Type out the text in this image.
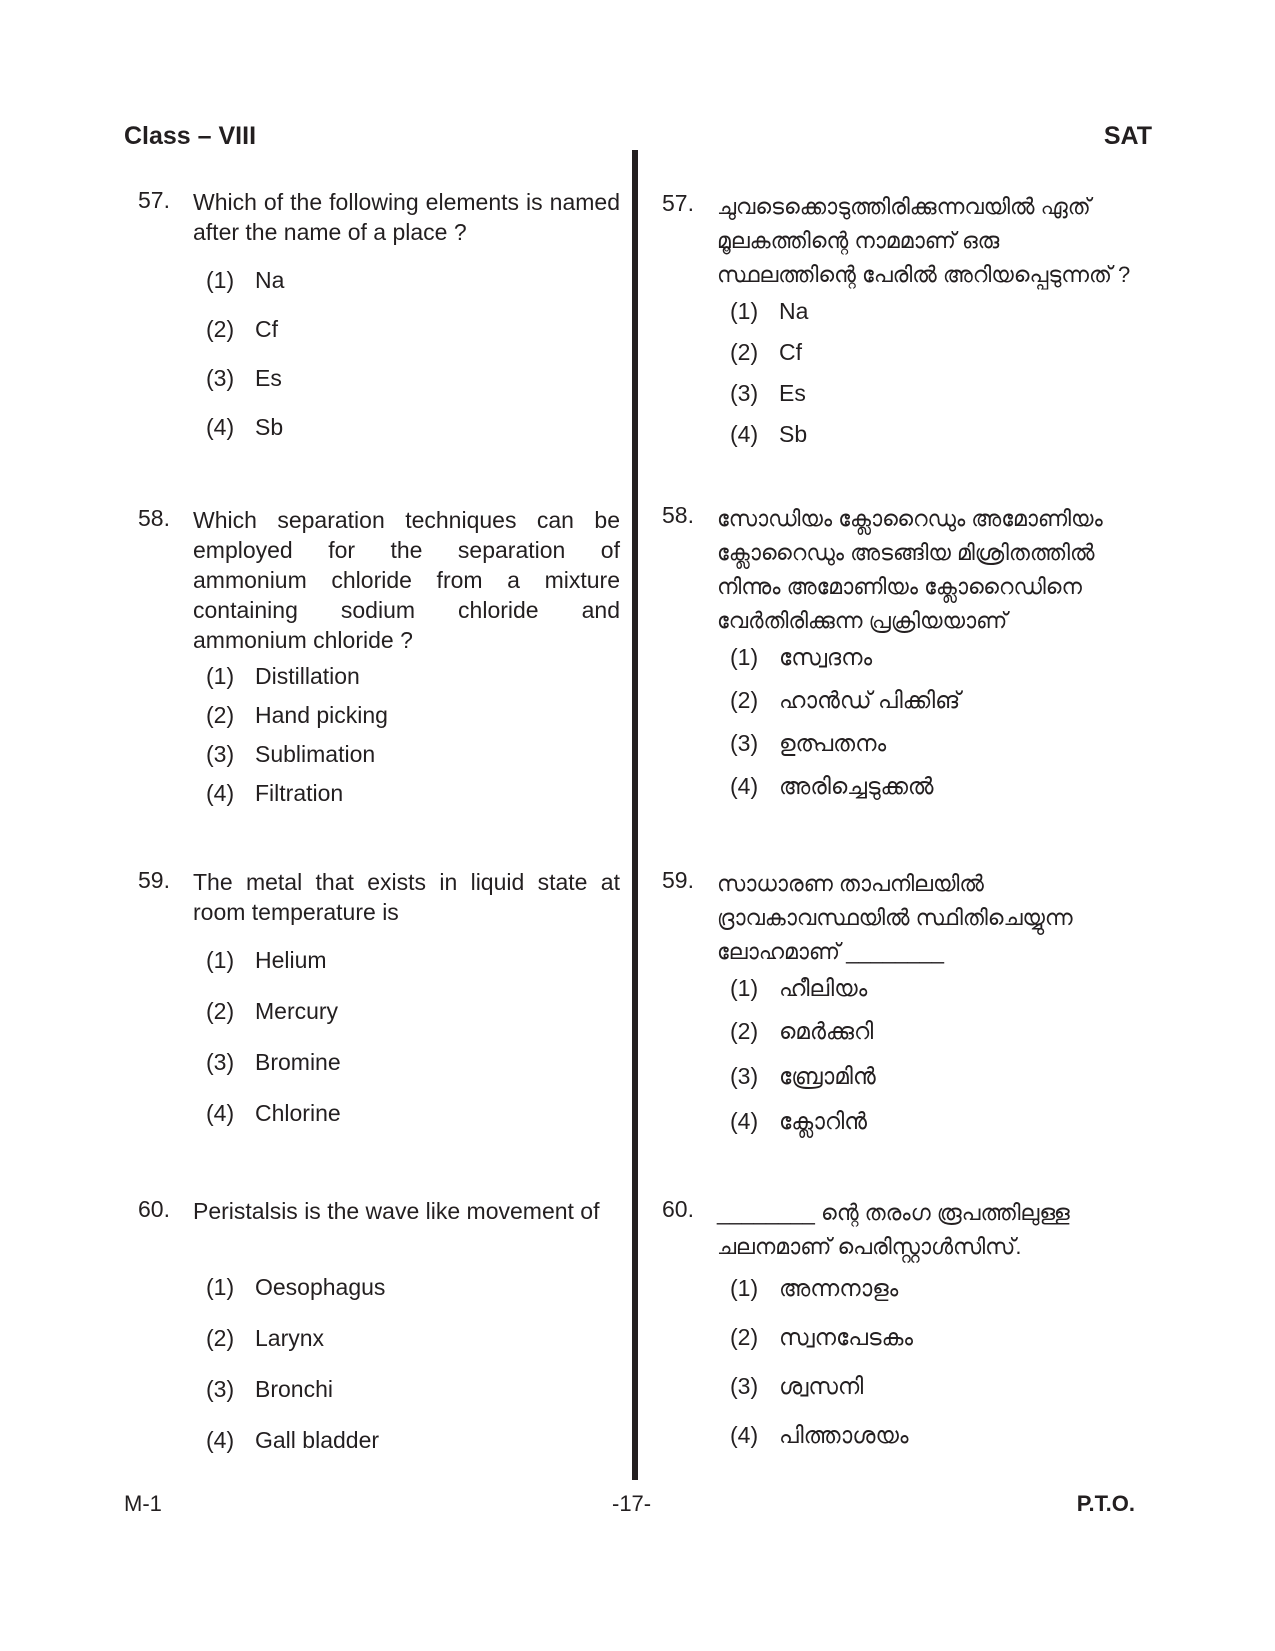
Class – VIII	SAT
57. Which of the following elements is named after the name of a place ?
(1) Na
(2) Cf
(3) Es
(4) Sb
58. Which separation techniques can be employed for the separation of ammonium chloride from a mixture containing sodium chloride and ammonium chloride ?
(1) Distillation
(2) Hand picking
(3) Sublimation
(4) Filtration
59. The metal that exists in liquid state at room temperature is
(1) Helium
(2) Mercury
(3) Bromine
(4) Chlorine
60. Peristalsis is the wave like movement of
(1) Oesophagus
(2) Larynx
(3) Bronchi
(4) Gall bladder
57. ചുവടെക്കൊടുത്തിരിക്കുന്നവയിൽ ഏത് മൂലകത്തിന്റെ നാമമാണ് ഒരു സ്ഥലത്തിന്റെ പേരിൽ അറിയപ്പെടുന്നത് ?
(1) Na
(2) Cf
(3) Es
(4) Sb
58. സോഡിയം ക്ലോറൈഡും അമോണിയം ക്ലോറൈഡും അടങ്ങിയ മിശ്രിതത്തിൽ നിന്നും അമോണിയം ക്ലോറൈഡിനെ വേർതിരിക്കുന്ന പ്രക്രിയയാണ്
(1) സ്വേദനം
(2) ഹാൻഡ് പിക്കിങ്
(3) ഉത്പതനം
(4) അരിച്ചെടുക്കൽ
59. സാധാരണ താപനിലയിൽ ദ്രാവകാവസ്ഥയിൽ സ്ഥിതിചെയ്യുന്ന ലോഹമാണ് ________
(1) ഹീലിയം
(2) മെർക്കുറി
(3) ബ്രോമിൻ
(4) ക്ലോറിൻ
60. ________ ന്റെ തരംഗ രൂപത്തിലുള്ള ചലനമാണ് പെരിസ്റ്റാൾസിസ്.
(1) അന്നനാളം
(2) സ്വനപേടകം
(3) ശ്വസനി
(4) പിത്താശയം
M-1	-17-	P.T.O.
